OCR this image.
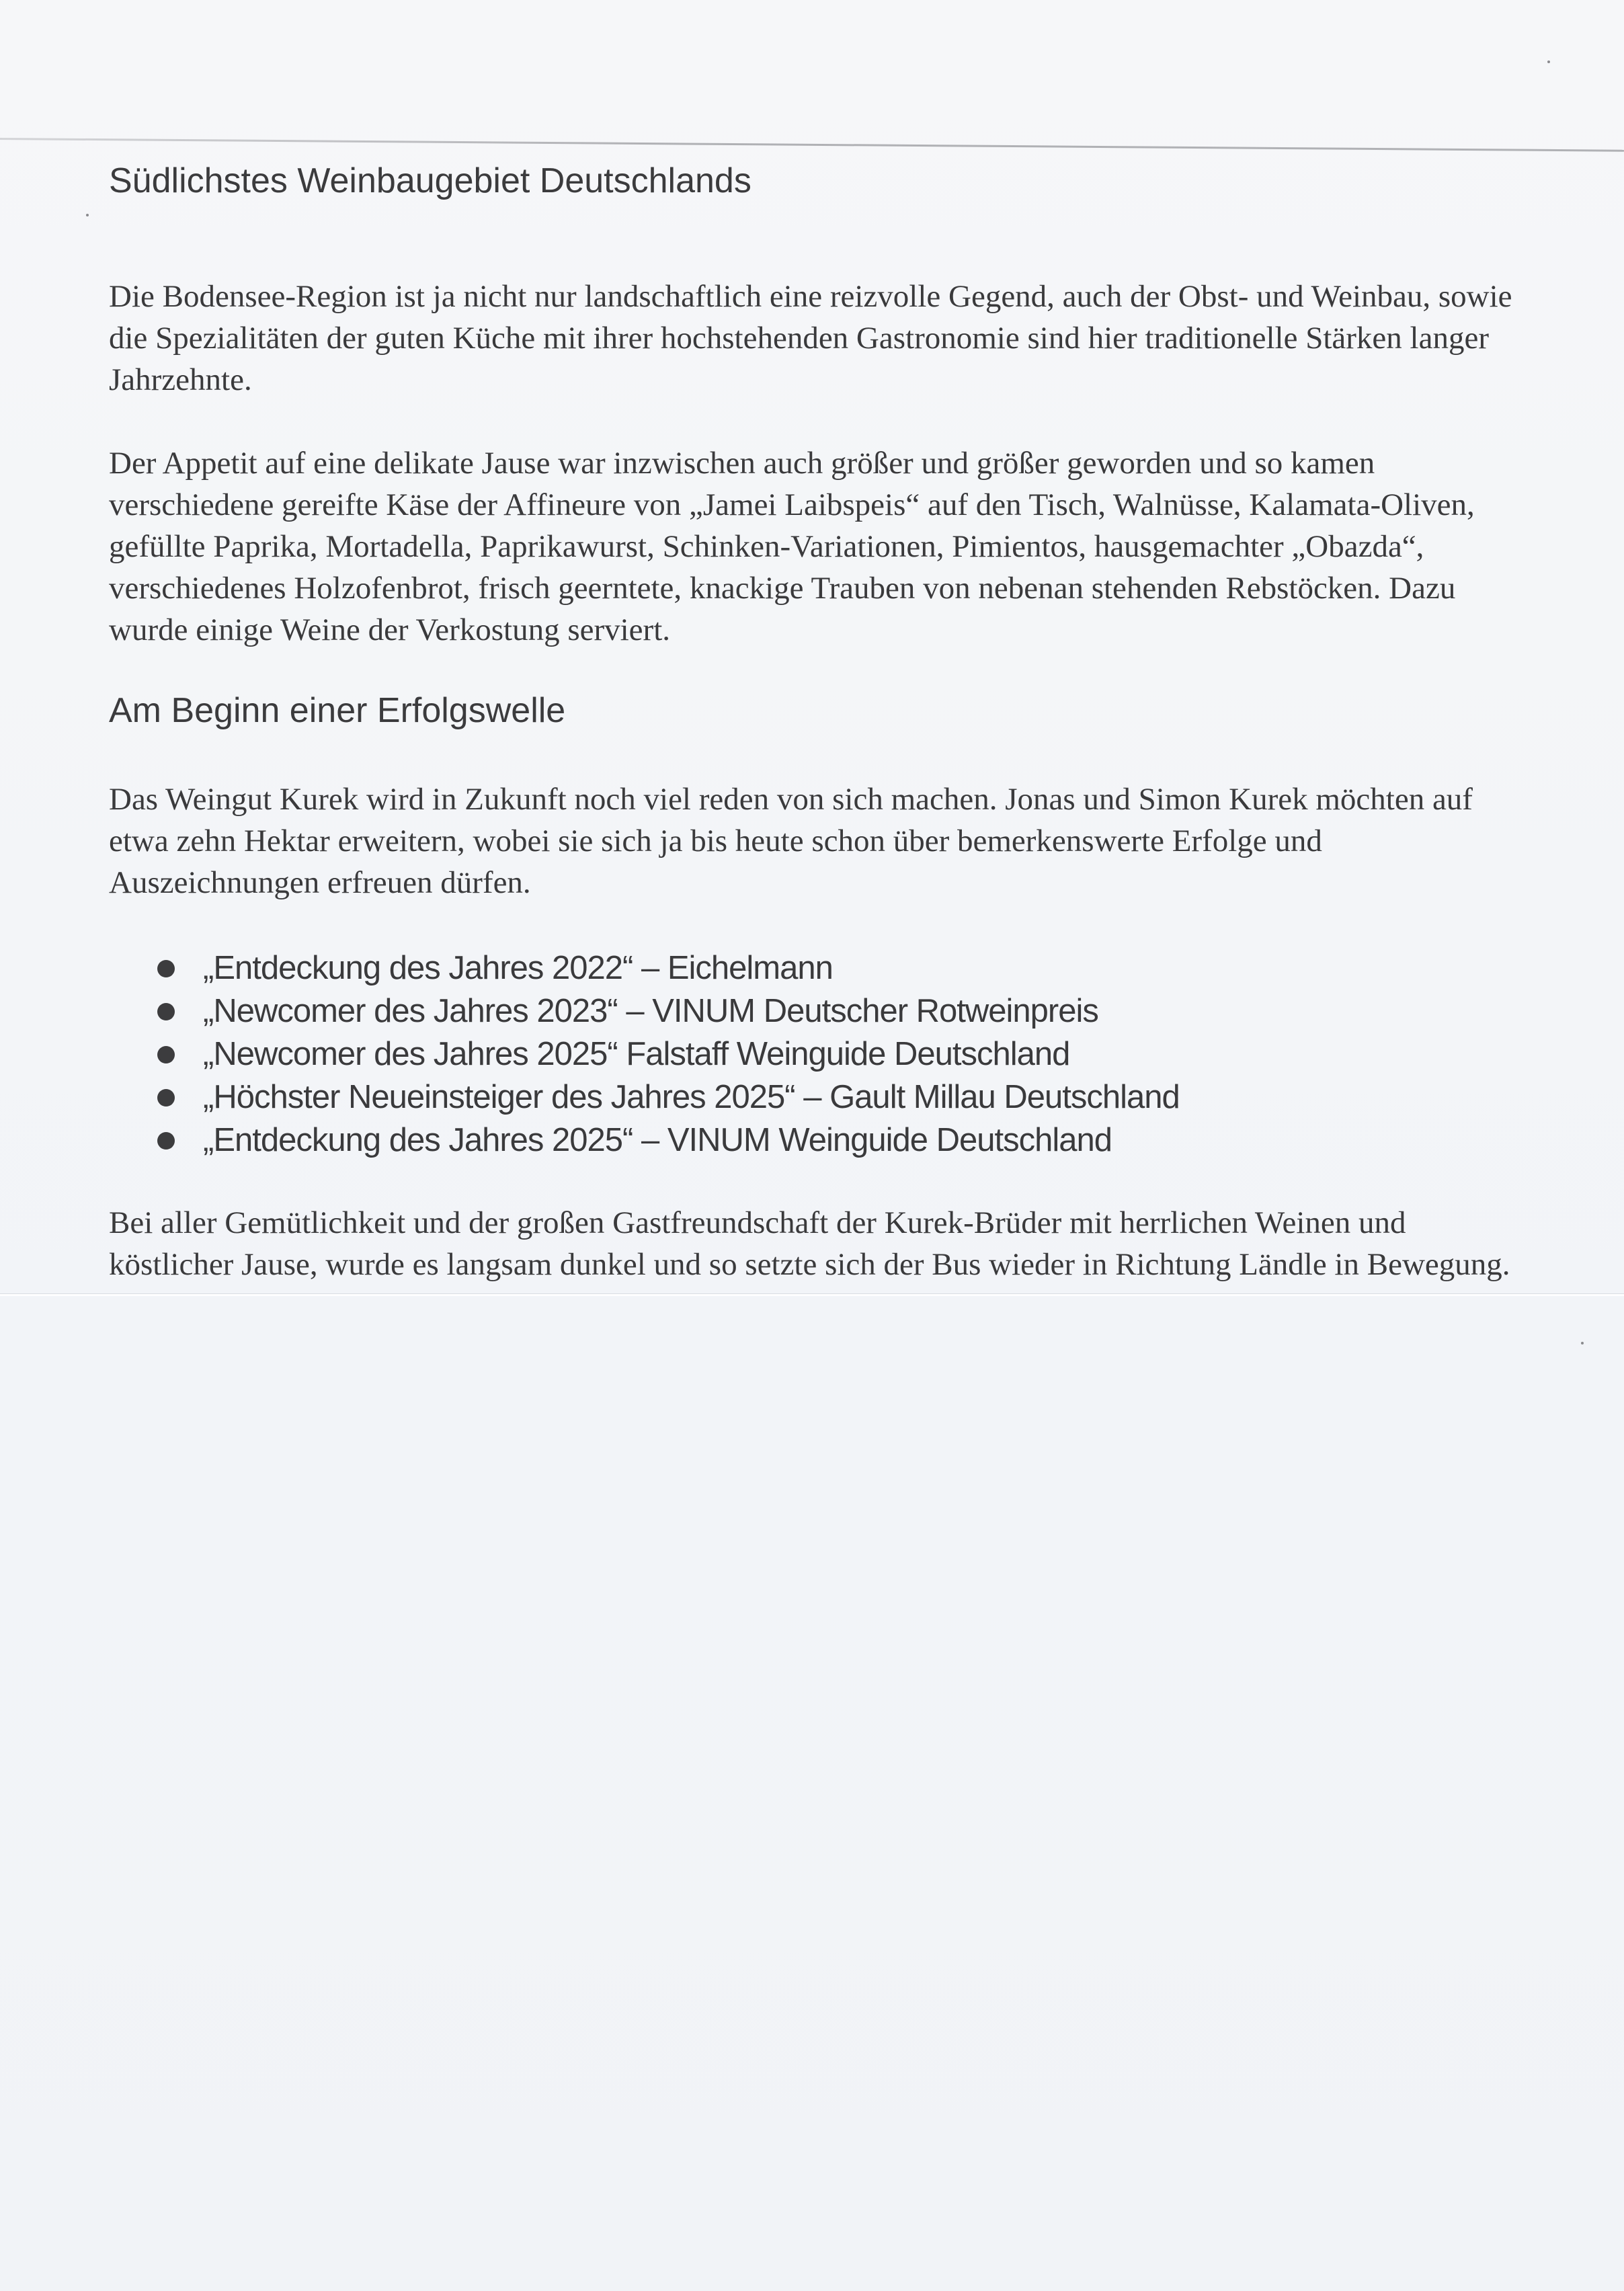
Südlichstes Weinbaugebiet Deutschlands

Die Bodensee-Region ist ja nicht nur landschaftlich eine reizvolle Gegend, auch der Obst- und Weinbau, sowie die Spezialitäten der guten Küche mit ihrer hochstehenden Gastronomie sind hier traditionelle Stärken langer Jahrzehnte.

Der Appetit auf eine delikate Jause war inzwischen auch größer und größer geworden und so kamen verschiedene gereifte Käse der Affineure von „Jamei Laibspeis“ auf den Tisch, Walnüsse, Kalamata-Oliven, gefüllte Paprika, Mortadella, Paprikawurst, Schinken-Variationen, Pimientos, hausgemachter „Obazda“, verschiedenes Holzofenbrot, frisch geerntete, knackige Trauben von nebenan stehenden Rebstöcken. Dazu wurde einige Weine der Verkostung serviert.

Am Beginn einer Erfolgswelle

Das Weingut Kurek wird in Zukunft noch viel reden von sich machen. Jonas und Simon Kurek möchten auf etwa zehn Hektar erweitern, wobei sie sich ja bis heute schon über bemerkenswerte Erfolge und Auszeichnungen erfreuen dürfen.

„Entdeckung des Jahres 2022“ – Eichelmann
„Newcomer des Jahres 2023“ – VINUM Deutscher Rotweinpreis
„Newcomer des Jahres 2025“ Falstaff Weinguide Deutschland
„Höchster Neueinsteiger des Jahres 2025“ – Gault Millau Deutschland
„Entdeckung des Jahres 2025“ – VINUM Weinguide Deutschland

Bei aller Gemütlichkeit und der großen Gastfreundschaft der Kurek-Brüder mit herrlichen Weinen und köstlicher Jause, wurde es langsam dunkel und so setzte sich der Bus wieder in Richtung Ländle in Bewegung.
